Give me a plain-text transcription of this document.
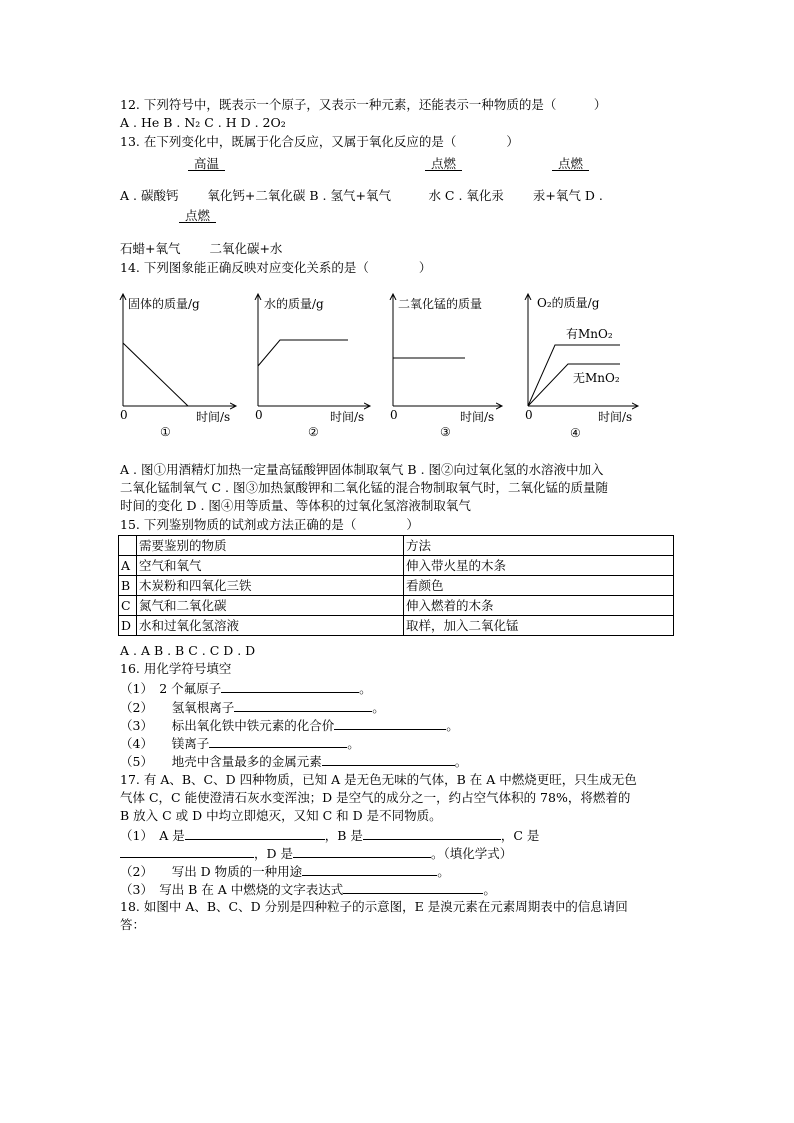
12. 下列符号中，既表示一个原子，又表示一种元素，还能表示一种物质的是（　　　）
A . He B . N₂ C . H D . 2O₂
13. 在下列变化中，既属于化合反应，又属于氧化反应的是（　　　　）
高温	点燃	点燃
A . 碳酸钙　　 氧化钙+二氧化碳 B . 氢气+氧气　　　水 C . 氧化汞　　 汞+氧气 D .
点燃
石蜡+氧气　　 二氧化碳+水
14. 下列图象能正确反映对应变化关系的是（　　　　）
固体的质量/g
0	时间/s
①
水的质量/g
0	时间/s
②
二氧化锰的质量
0	时间/s
③
O₂的质量/g
有MnO₂
无MnO₂
0	时间/s
④
A . 图①用酒精灯加热一定量高锰酸钾固体制取氧气 B . 图②向过氧化氢的水溶液中加入
二氧化锰制氧气 C . 图③加热氯酸钾和二氧化锰的混合物制取氧气时，二氧化锰的质量随
时间的变化 D . 图④用等质量、等体积的过氧化氢溶液制取氧气
15. 下列鉴别物质的试剂或方法正确的是（　　　　）
	需要鉴别的物质	方法
A	空气和氧气	伸入带火星的木条
B	木炭粉和四氧化三铁	看颜色
C	氮气和二氧化碳	伸入燃着的木条
D	水和过氧化氢溶液	取样，加入二氧化锰
A . A B . B C . C D . D
16. 用化学符号填空
（1）　2 个氟原子	。
（2）　　氢氧根离子	。
（3）　　标出氧化铁中铁元素的化合价	。
（4）　　镁离子	。
（5）　　地壳中含量最多的金属元素	。
17. 有 A、B、C、D 四种物质，已知 A 是无色无味的气体，B 在 A 中燃烧更旺，只生成无色
气体 C，C 能使澄清石灰水变浑浊；D 是空气的成分之一，约占空气体积的 78%，将燃着的
B 放入 C 或 D 中均立即熄灭，又知 C 和 D 是不同物质。
（1）　A 是	，B 是	，C 是
，D 是	。（填化学式）
（2）　　写出 D 物质的一种用途	。
（3）　写出 B 在 A 中燃烧的文字表达式	。
18. 如图中 A、B、C、D 分别是四种粒子的示意图，E 是溴元素在元素周期表中的信息请回
答：
